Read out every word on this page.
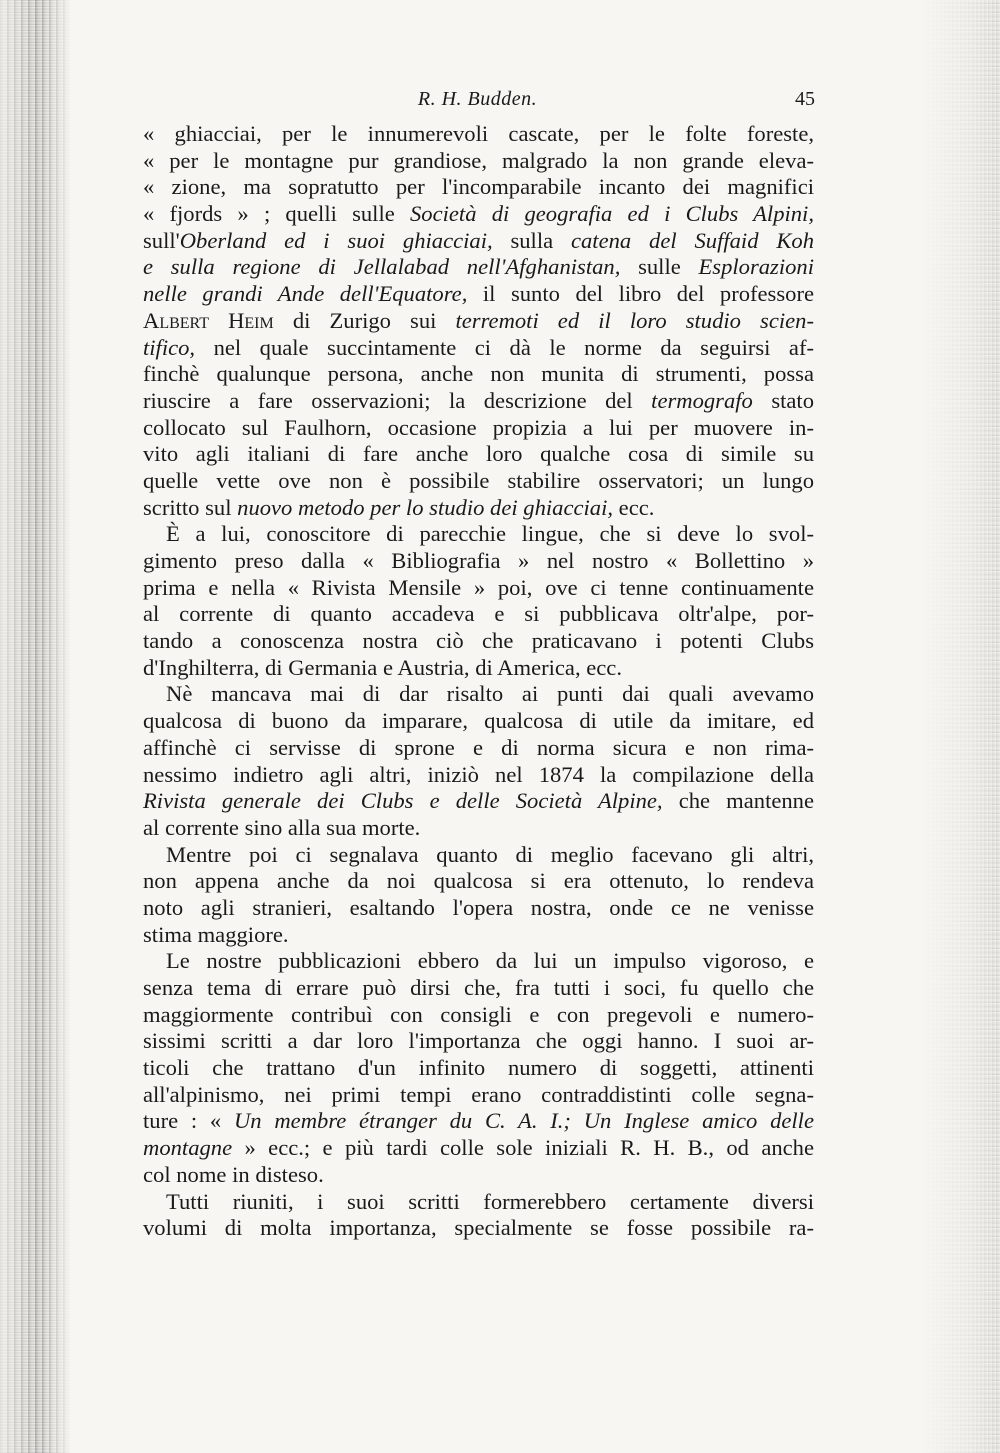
R. H. Budden.	45
« ghiacciai, per le innumerevoli cascate, per le folte foreste,
« per le montagne pur grandiose, malgrado la non grande eleva-
« zione, ma sopratutto per l'incomparabile incanto dei magnifici
« fjords » ; quelli sulle Società di geografia ed i Clubs Alpini,
sull'Oberland ed i suoi ghiacciai, sulla catena del Suffaid Koh
e sulla regione di Jellalabad nell'Afghanistan, sulle Esplorazioni
nelle grandi Ande dell'Equatore, il sunto del libro del professore
Albert Heim di Zurigo sui terremoti ed il loro studio scien-
tifico, nel quale succintamente ci dà le norme da seguirsi af-
finchè qualunque persona, anche non munita di strumenti, possa
riuscire a fare osservazioni; la descrizione del termografo stato
collocato sul Faulhorn, occasione propizia a lui per muovere in-
vito agli italiani di fare anche loro qualche cosa di simile su
quelle vette ove non è possibile stabilire osservatori; un lungo
scritto sul nuovo metodo per lo studio dei ghiacciai, ecc.
È a lui, conoscitore di parecchie lingue, che si deve lo svol-
gimento preso dalla « Bibliografia » nel nostro « Bollettino »
prima e nella « Rivista Mensile » poi, ove ci tenne continuamente
al corrente di quanto accadeva e si pubblicava oltr'alpe, por-
tando a conoscenza nostra ciò che praticavano i potenti Clubs
d'Inghilterra, di Germania e Austria, di America, ecc.
Nè mancava mai di dar risalto ai punti dai quali avevamo
qualcosa di buono da imparare, qualcosa di utile da imitare, ed
affinchè ci servisse di sprone e di norma sicura e non rima-
nessimo indietro agli altri, iniziò nel 1874 la compilazione della
Rivista generale dei Clubs e delle Società Alpine, che mantenne
al corrente sino alla sua morte.
Mentre poi ci segnalava quanto di meglio facevano gli altri,
non appena anche da noi qualcosa si era ottenuto, lo rendeva
noto agli stranieri, esaltando l'opera nostra, onde ce ne venisse
stima maggiore.
Le nostre pubblicazioni ebbero da lui un impulso vigoroso, e
senza tema di errare può dirsi che, fra tutti i soci, fu quello che
maggiormente contribuì con consigli e con pregevoli e numero-
sissimi scritti a dar loro l'importanza che oggi hanno. I suoi ar-
ticoli che trattano d'un infinito numero di soggetti, attinenti
all'alpinismo, nei primi tempi erano contraddistinti colle segna-
ture : « Un membre étranger du C. A. I.; Un Inglese amico delle
montagne » ecc.; e più tardi colle sole iniziali R. H. B., od anche
col nome in disteso.
Tutti riuniti, i suoi scritti formerebbero certamente diversi
volumi di molta importanza, specialmente se fosse possibile ra-
